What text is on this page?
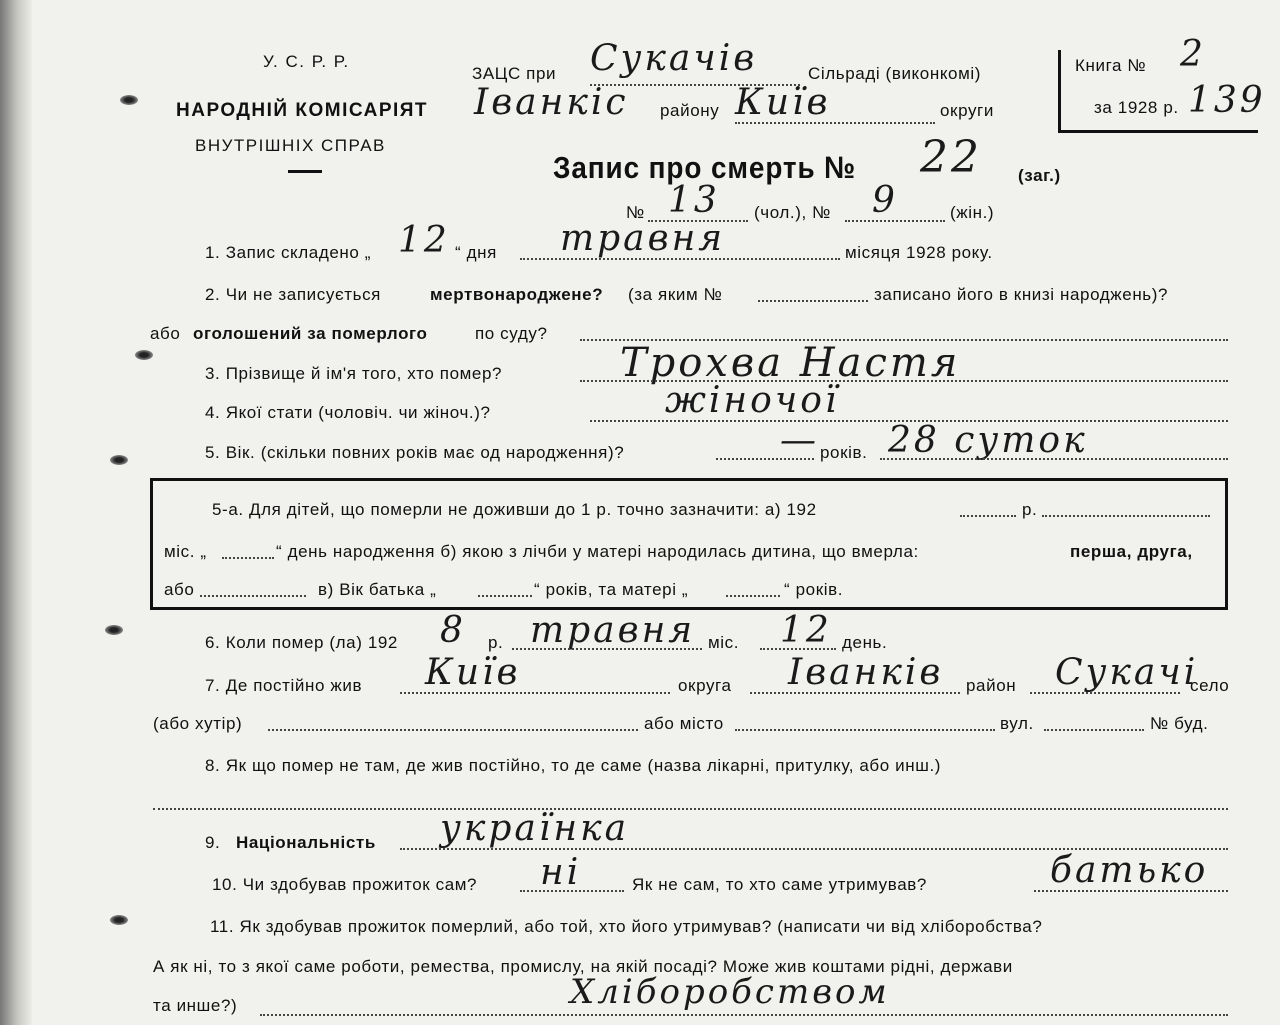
У. С. Р. Р.
НАРОДНІЙ КОМІСАРІЯТ
ВНУТРІШНІХ СПРАВ
ЗАЦС при Сукачів	Сільраді (виконкомі)
Іванкіс району Київ	округи
Книга № 2
за 1928 р. 139
Запис про смерть № 22 (заг.)
№ 13 (чол.), № 9	(жін.)
1. Запис складено „ 12 “ дня травня	місяця 1928 року.
2. Чи не записується	мертвонароджене? (за яким №	записано його в книзі народжень)?
або оголошений за померлого	по суду?
3. Прізвище й ім'я того, хто помер?	Трохва Настя
4. Якої стати (чоловіч. чи жіноч.)?	жіночої
5. Вік. (скільки повних років має од народження)?	— років. 28 суток
5-а. Для дітей, що померли не доживши до 1 р. точно зазначити: а) 192	р.
міс. „	“ день народження б) якою з лічби у матері народилась дитина, що вмерла:	перша, друга,
або	в) Вік батька „	“ років, та матері „	“ років.
6. Коли помер (ла) 192 8 р. травня міс. 12 день.
7. Де постійно жив Київ	округа Іванків район Сукачі
село
(або хутір)	або місто	вул.	№ буд.
8. Як що помер не там, де жив постійно, то де саме (назва лікарні, притулку, або инш.)
9. Національність українка
10. Чи здобував прожиток сам? ні	Як не сам, то хто саме утримував?	батько
11. Як здобував прожиток померлий, або той, хто його утримував? (написати чи від хліборобства?
А як ні, то з якої саме роботи, ремества, промислу, на якій посаді? Може жив коштами рідні, держави
та инше?)	Хліборобством
